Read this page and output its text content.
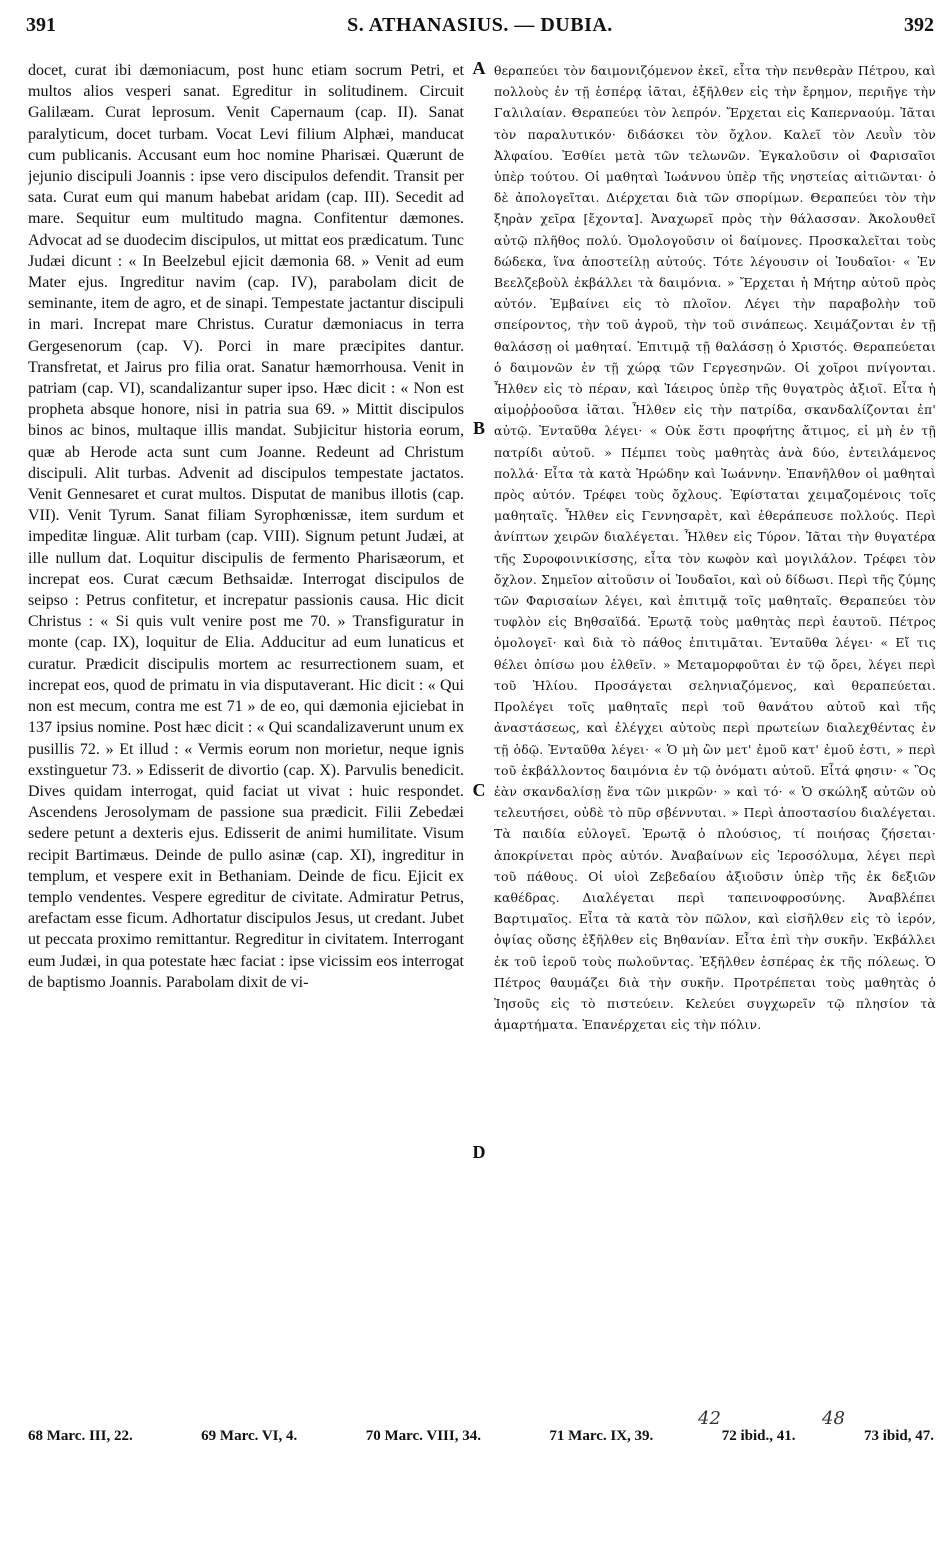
391	S. ATHANASIUS. — DUBIA.	392

docet, curat ibi dæmoniacum, post hunc etiam socrum Petri, et multos alios vesperi sanat. Egreditur in solitudinem. Circuit Galilæam. Curat leprosum. Venit Capernaum (cap. II). Sanat paralyticum, docet turbam. Vocat Levi filium Alphæi, manducat cum publicanis. Accusant eum hoc nomine Pharisæi. Quærunt de jejunio discipuli Joannis : ipse vero discipulos defendit. Transit per sata. Curat eum qui manum habebat aridam (cap. III). Secedit ad mare. Sequitur eum multitudo magna. Confitentur dæmones. Advocat ad se duodecim discipulos, ut mittat eos prædicatum. Tunc Judæi dicunt : « In Beelzebul ejicit dæmonia 68. » Venit ad eum Mater ejus. Ingreditur navim (cap. IV), parabolam dicit de seminante, item de agro, et de sinapi. Tempestate jactantur discipuli in mari. Increpat mare Christus. Curatur dæmoniacus in terra Gergesenorum (cap. V). Porci in mare præcipites dantur. Transfretat, et Jairus pro filia orat. Sanatur hæmorrhousa. Venit in patriam (cap. VI), scandalizantur super ipso. Hæc dicit : « Non est propheta absque honore, nisi in patria sua 69. » Mittit discipulos binos ac binos, multaque illis mandat. Subjicitur historia eorum, quæ ab Herode acta sunt cum Joanne. Redeunt ad Christum discipuli. Alit turbas. Advenit ad discipulos tempestate jactatos. Venit Gennesaret et curat multos. Disputat de manibus illotis (cap. VII). Venit Tyrum. Sanat filiam Syrophœnissæ, item surdum et impeditæ linguæ. Alit turbam (cap. VIII). Signum petunt Judæi, at ille nullum dat. Loquitur discipulis de fermento Pharisæorum, et increpat eos. Curat cæcum Bethsaidæ. Interrogat discipulos de seipso : Petrus confitetur, et increpatur passionis causa. Hic dicit Christus : « Si quis vult venire post me 70. » Transfiguratur in monte (cap. IX), loquitur de Elia. Adducitur ad eum lunaticus et curatur. Prædicit discipulis mortem ac resurrectionem suam, et increpat eos, quod de primatu in via disputaverant. Hic dicit : « Qui non est mecum, contra me est 71 » de eo, qui dæmonia ejiciebat in 137 ipsius nomine. Post hæc dicit : « Qui scandalizaverunt unum ex pusillis 72. » Et illud : « Vermis eorum non morietur, neque ignis exstinguetur 73. » Edisserit de divortio (cap. X). Parvulis benedicit. Dives quidam interrogat, quid faciat ut vivat : huic respondet. Ascendens Jerosolymam de passione sua prædicit. Filii Zebedæi sedere petunt a dexteris ejus. Edisserit de animi humilitate. Visum recipit Bartimæus. Deinde de pullo asinæ (cap. XI), ingreditur in templum, et vespere exit in Bethaniam. Deinde de ficu. Ejicit ex templo vendentes. Vespere egreditur de civitate. Admiratur Petrus, arefactam esse ficum. Adhortatur discipulos Jesus, ut credant. Jubet ut peccata proximo remittantur. Regreditur in civitatem. Interrogant eum Judæi, in qua potestate hæc faciat : ipse vicissim eos interrogat de baptismo Joannis. Parabolam dixit de vi-

A
B
C
D

θεραπεύει τὸν δαιμονιζόμενον ἐκεῖ, εἶτα τὴν πενθερὰν Πέτρου, καὶ πολλοὺς ἐν τῇ ἑσπέρᾳ ἰᾶται, ἐξῆλθεν εἰς τὴν ἔρημον, περιῆγε τὴν Γαλιλαίαν. Θεραπεύει τὸν λεπρόν. Ἔρχεται εἰς Καπερναούμ. Ἰᾶται τὸν παραλυτικόν· διδάσκει τὸν ὄχλον. Καλεῖ τὸν Λευῒν τὸν Ἀλφαίου. Ἐσθίει μετὰ τῶν τελωνῶν. Ἐγκαλοῦσιν οἱ Φαρισαῖοι ὑπὲρ τούτου. Οἱ μαθηταὶ Ἰωάννου ὑπὲρ τῆς νηστείας αἰτιῶνται· ὁ δὲ ἀπολογεῖται. Διέρχεται διὰ τῶν σπορίμων. Θεραπεύει τὸν τὴν ξηρὰν χεῖρα [ἔχοντα]. Ἀναχωρεῖ πρὸς τὴν θάλασσαν. Ἀκολουθεῖ αὐτῷ πλῆθος πολύ. Ὁμολογοῦσιν οἱ δαίμονες. Προσκαλεῖται τοὺς δώδεκα, ἵνα ἀποστείλῃ αὐτούς. Τότε λέγουσιν οἱ Ἰουδαῖοι· « Ἐν Βεελζεβοὺλ ἐκβάλλει τὰ δαιμόνια. » Ἔρχεται ἡ Μήτηρ αὐτοῦ πρὸς αὐτόν. Ἐμβαίνει εἰς τὸ πλοῖον. Λέγει τὴν παραβολὴν τοῦ σπείροντος, τὴν τοῦ ἀγροῦ, τὴν τοῦ σινάπεως. Χειμάζονται ἐν τῇ θαλάσσῃ οἱ μαθηταί. Ἐπιτιμᾷ τῇ θαλάσσῃ ὁ Χριστός. Θεραπεύεται ὁ δαιμονῶν ἐν τῇ χώρᾳ τῶν Γεργεσηνῶν. Οἱ χοῖροι πνίγονται. Ἦλθεν εἰς τὸ πέραν, καὶ Ἰάειρος ὑπὲρ τῆς θυγατρὸς ἀξιοῖ. Εἶτα ἡ αἱμοῤῥοοῦσα ἰᾶται. Ἦλθεν εἰς τὴν πατρίδα, σκανδαλίζονται ἐπ' αὐτῷ. Ἐνταῦθα λέγει· « Οὐκ ἔστι προφήτης ἄτιμος, εἰ μὴ ἐν τῇ πατρίδι αὐτοῦ. » Πέμπει τοὺς μαθητὰς ἀνὰ δύο, ἐντειλάμενος πολλά· Εἶτα τὰ κατὰ Ἡρώδην καὶ Ἰωάννην. Ἐπανῆλθον οἱ μαθηταὶ πρὸς αὐτόν. Τρέφει τοὺς ὄχλους. Ἐφίσταται χειμαζομένοις τοῖς μαθηταῖς. Ἦλθεν εἰς Γεννησαρὲτ, καὶ ἐθεράπευσε πολλούς. Περὶ ἀνίπτων χειρῶν διαλέγεται. Ἦλθεν εἰς Τύρον. Ἰᾶται τὴν θυγατέρα τῆς Συροφοινικίσσης, εἶτα τὸν κωφὸν καὶ μογιλάλον. Τρέφει τὸν ὄχλον. Σημεῖον αἰτοῦσιν οἱ Ἰουδαῖοι, καὶ οὐ δίδωσι. Περὶ τῆς ζύμης τῶν Φαρισαίων λέγει, καὶ ἐπιτιμᾷ τοῖς μαθηταῖς. Θεραπεύει τὸν τυφλὸν εἰς Βηθσαϊδά. Ἐρωτᾷ τοὺς μαθητὰς περὶ ἑαυτοῦ. Πέτρος ὁμολογεῖ· καὶ διὰ τὸ πάθος ἐπιτιμᾶται. Ἐνταῦθα λέγει· « Εἴ τις θέλει ὀπίσω μου ἐλθεῖν. » Μεταμορφοῦται ἐν τῷ ὄρει, λέγει περὶ τοῦ Ἠλίου. Προσάγεται σεληνιαζόμενος, καὶ θεραπεύεται. Προλέγει τοῖς μαθηταῖς περὶ τοῦ θανάτου αὐτοῦ καὶ τῆς ἀναστάσεως, καὶ ἐλέγχει αὐτοὺς περὶ πρωτείων διαλεχθέντας ἐν τῇ ὁδῷ. Ἐνταῦθα λέγει· « Ὁ μὴ ὢν μετ' ἐμοῦ κατ' ἐμοῦ ἐστι, » περὶ τοῦ ἐκβάλλοντος δαιμόνια ἐν τῷ ὀνόματι αὐτοῦ. Εἶτά φησιν· « Ὃς ἐὰν σκανδαλίσῃ ἕνα τῶν μικρῶν· » καὶ τό· « Ὁ σκώληξ αὐτῶν οὐ τελευτήσει, οὐδὲ τὸ πῦρ σβέννυται. » Περὶ ἀποστασίου διαλέγεται. Τὰ παιδία εὐλογεῖ. Ἐρωτᾷ ὁ πλούσιος, τί ποιήσας ζήσεται· ἀποκρίνεται πρὸς αὐτόν. Ἀναβαίνων εἰς Ἱεροσόλυμα, λέγει περὶ τοῦ πάθους. Οἱ υἱοὶ Ζεβεδαίου ἀξιοῦσιν ὑπὲρ τῆς ἐκ δεξιῶν καθέδρας. Διαλέγεται περὶ ταπεινοφροσύνης. Ἀναβλέπει Βαρτιμαῖος. Εἶτα τὰ κατὰ τὸν πῶλον, καὶ εἰσῆλθεν εἰς τὸ ἱερόν, ὀψίας οὔσης ἐξῆλθεν εἰς Βηθανίαν. Εἶτα ἐπὶ τὴν συκῆν. Ἐκβάλλει ἐκ τοῦ ἱεροῦ τοὺς πωλοῦντας. Ἐξῆλθεν ἑσπέρας ἐκ τῆς πόλεως. Ὁ Πέτρος θαυμάζει διὰ τὴν συκῆν. Προτρέπεται τοὺς μαθητὰς ὁ Ἰησοῦς εἰς τὸ πιστεύειν. Κελεύει συγχωρεῖν τῷ πλησίον τὰ ἁμαρτήματα. Ἐπανέρχεται εἰς τὴν πόλιν.

42	48
68 Marc. III, 22.	69 Marc. VI, 4.	70 Marc. VIII, 34.	71 Marc. IX, 39.	72 ibid., 41.	73 ibid, 47.
